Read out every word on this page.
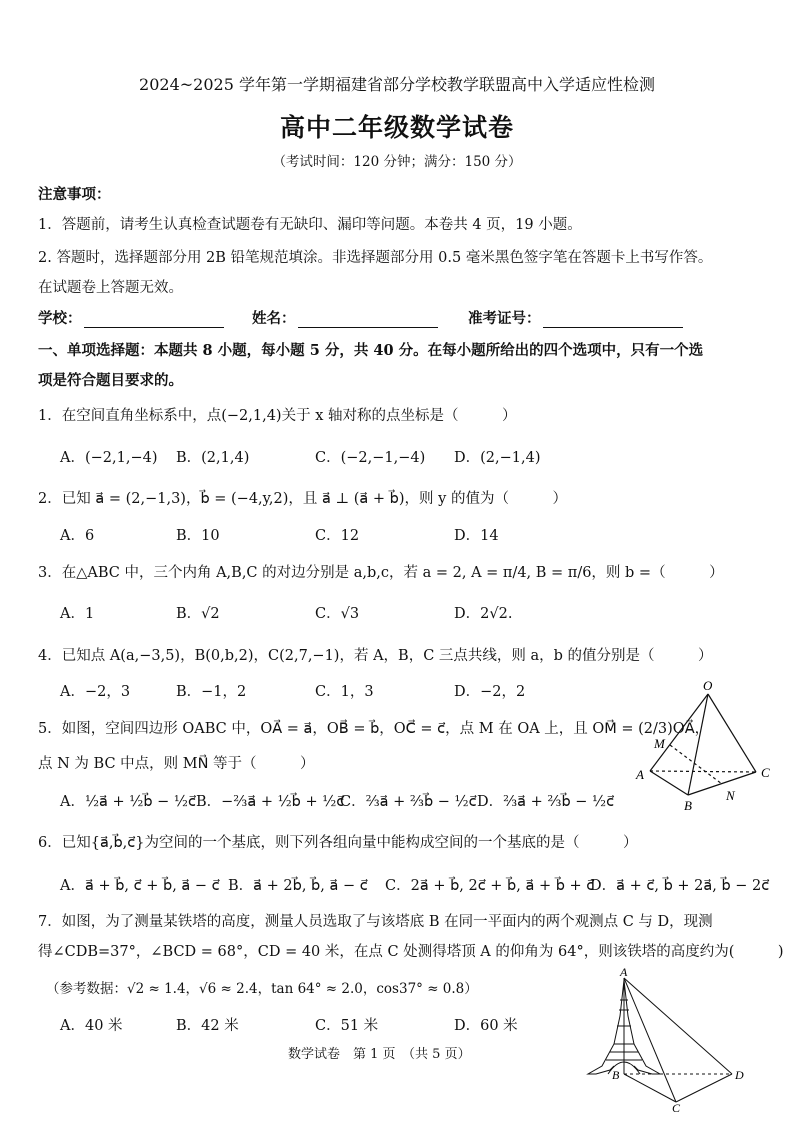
2024~2025 学年第一学期福建省部分学校教学联盟高中入学适应性检测
高中二年级数学试卷
（考试时间：120 分钟；满分：150 分）
注意事项：
1．答题前，请考生认真检查试题卷有无缺印、漏印等问题。本卷共 4 页，19 小题。
2. 答题时，选择题部分用 2B 铅笔规范填涂。非选择题部分用 0.5 毫米黑色签字笔在答题卡上书写作答。
在试题卷上答题无效。
学校：	姓名：	准考证号：
一、单项选择题：本题共 8 小题，每小题 5 分，共 40 分。在每小题所给出的四个选项中，只有一个选
项是符合题目要求的。
1．在空间直角坐标系中，点(−2,1,4)关于 x 轴对称的点坐标是（　　　）
A．(−2,1,−4) B．(2,1,4)	C．(−2,−1,−4) D．(2,−1,4)
2．已知 a⃗ = (2,−1,3)，b⃗ = (−4,y,2)，且 a⃗ ⊥ (a⃗ + b⃗)，则 y 的值为（　　　）
A．6	B．10	C．12	D．14
3．在△ABC 中，三个内角 A,B,C 的对边分别是 a,b,c，若 a = 2, A = π/4, B = π/6，则 b =（　　　）
A．1	B．√2	C．√3	D．2√2.
4．已知点 A(a,−3,5)，B(0,b,2)，C(2,7,−1)，若 A，B，C 三点共线，则 a，b 的值分别是（　　　）
A．−2，3	B．−1，2	C．1，3	D．−2，2
5．如图，空间四边形 OABC 中，OA⃗ = a⃗，OB⃗ = b⃗，OC⃗ = c⃗，点 M 在 OA 上，且 OM⃗ = (2/3)OA⃗，
点 N 为 BC 中点，则 MN⃗ 等于（　　　）
A．½a⃗ + ½b⃗ − ½c⃗ B．−⅔a⃗ + ½b⃗ + ½c⃗
C．⅔a⃗ + ⅔b⃗ − ½c⃗ D．⅔a⃗ + ⅔b⃗ − ½c⃗
O
M
A	C
N
B
6．已知{a⃗,b⃗,c⃗}为空间的一个基底，则下列各组向量中能构成空间的一个基底的是（　　　）
A．a⃗ + b⃗, c⃗ + b⃗, a⃗ − c⃗ B．a⃗ + 2b⃗, b⃗, a⃗ − c⃗ C．2a⃗ + b⃗, 2c⃗ + b⃗, a⃗ + b⃗ + c⃗
D．a⃗ + c⃗, b⃗ + 2a⃗, b⃗ − 2c⃗
7．如图，为了测量某铁塔的高度，测量人员选取了与该塔底 B 在同一平面内的两个观测点 C 与 D，现测
得∠CDB=37°，∠BCD = 68°，CD = 40 米，在点 C 处测得塔顶 A 的仰角为 64°，则该铁塔的高度约为(　　　)
（参考数据：√2 ≈ 1.4，√6 ≈ 2.4，tan 64° ≈ 2.0，cos37° ≈ 0.8）
A．40 米	B．42 米	C．51 米	D．60 米
A
B
C
D
数学试卷　第 1 页　（共 5 页）
